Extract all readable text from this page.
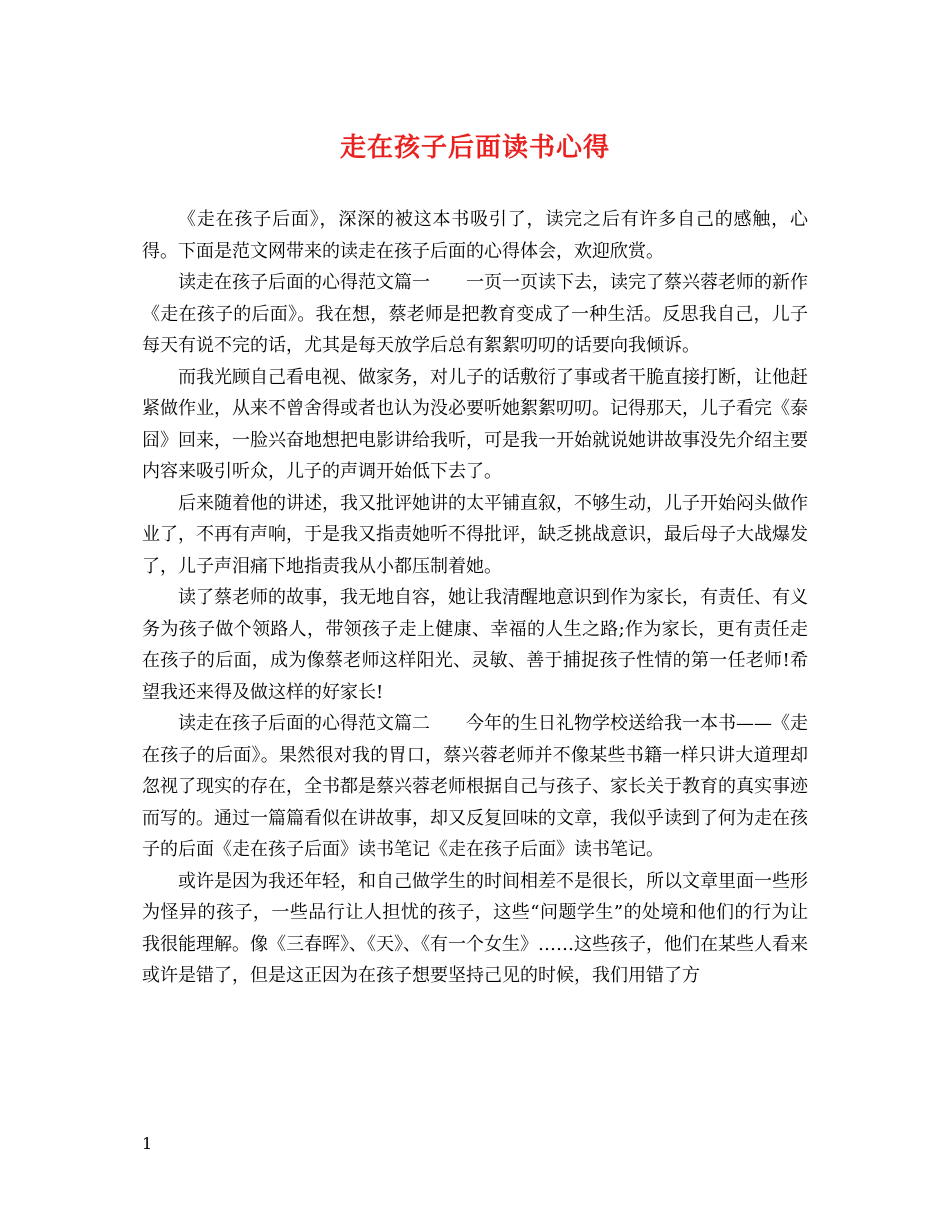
走在孩子后面读书心得

《走在孩子后面》，深深的被这本书吸引了，读完之后有许多自己的感触，心得。下面是范文网带来的读走在孩子后面的心得体会，欢迎欣赏。

读走在孩子后面的心得范文篇一　　一页一页读下去，读完了蔡兴蓉老师的新作《走在孩子的后面》。我在想，蔡老师是把教育变成了一种生活。反思我自己，儿子每天有说不完的话，尤其是每天放学后总有絮絮叨叨的话要向我倾诉。

而我光顾自己看电视、做家务，对儿子的话敷衍了事或者干脆直接打断，让他赶紧做作业，从来不曾舍得或者也认为没必要听她絮絮叨叨。记得那天，儿子看完《泰囧》回来，一脸兴奋地想把电影讲给我听，可是我一开始就说她讲故事没先介绍主要内容来吸引听众，儿子的声调开始低下去了。

后来随着他的讲述，我又批评她讲的太平铺直叙，不够生动，儿子开始闷头做作业了，不再有声响，于是我又指责她听不得批评，缺乏挑战意识，最后母子大战爆发了，儿子声泪痛下地指责我从小都压制着她。

读了蔡老师的故事，我无地自容，她让我清醒地意识到作为家长，有责任、有义务为孩子做个领路人，带领孩子走上健康、幸福的人生之路;作为家长，更有责任走在孩子的后面，成为像蔡老师这样阳光、灵敏、善于捕捉孩子性情的第一任老师!希望我还来得及做这样的好家长!

读走在孩子后面的心得范文篇二　　今年的生日礼物学校送给我一本书——《走在孩子的后面》。果然很对我的胃口，蔡兴蓉老师并不像某些书籍一样只讲大道理却忽视了现实的存在，全书都是蔡兴蓉老师根据自己与孩子、家长关于教育的真实事迹而写的。通过一篇篇看似在讲故事，却又反复回味的文章，我似乎读到了何为走在孩子的后面《走在孩子后面》读书笔记《走在孩子后面》读书笔记。

或许是因为我还年轻，和自己做学生的时间相差不是很长，所以文章里面一些形为怪异的孩子，一些品行让人担忧的孩子，这些“问题学生”的处境和他们的行为让我很能理解。像《三春晖》、《天》、《有一个女生》……这些孩子，他们在某些人看来或许是错了，但是这正因为在孩子想要坚持己见的时候，我们用错了方

1
